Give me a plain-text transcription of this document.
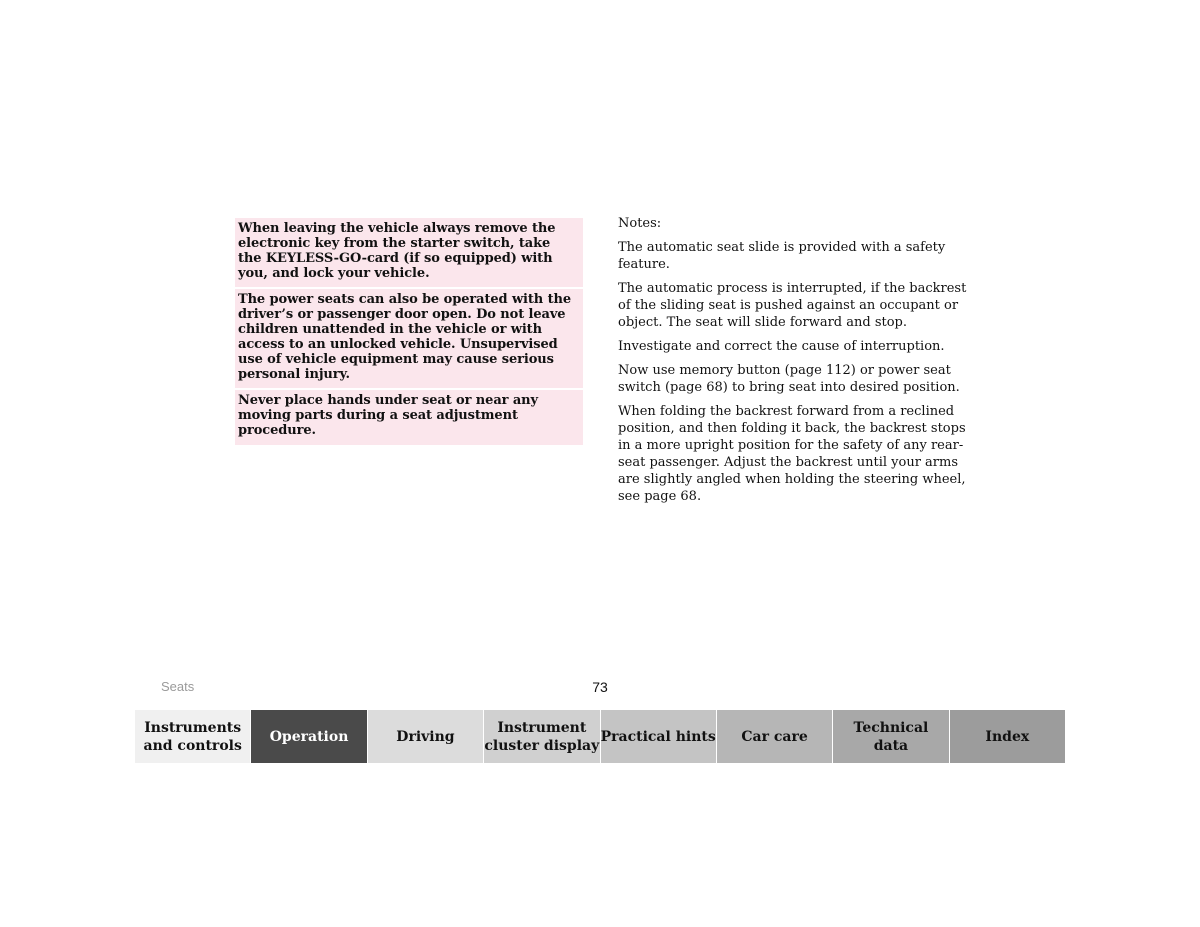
When leaving the vehicle always remove the electronic key from the starter switch, take the KEYLESS-GO-card (if so equipped) with you, and lock your vehicle.

The power seats can also be operated with the driver’s or passenger door open. Do not leave children unattended in the vehicle or with access to an unlocked vehicle. Unsupervised use of vehicle equipment may cause serious personal injury.

Never place hands under seat or near any moving parts during a seat adjustment procedure.

Notes:

The automatic seat slide is provided with a safety feature.

The automatic process is interrupted, if the backrest of the sliding seat is pushed against an occupant or object. The seat will slide forward and stop.

Investigate and correct the cause of interruption.

Now use memory button (page 112) or power seat switch (page 68) to bring seat into desired position.

When folding the backrest forward from a reclined position, and then folding it back, the backrest stops in a more upright position for the safety of any rear-seat passenger. Adjust the backrest until your arms are slightly angled when holding the steering wheel, see page 68.

Seats	73
Instruments
and controls
Operation	Driving
Instrument
cluster display
Practical hints Car care
Technical
data
Index
